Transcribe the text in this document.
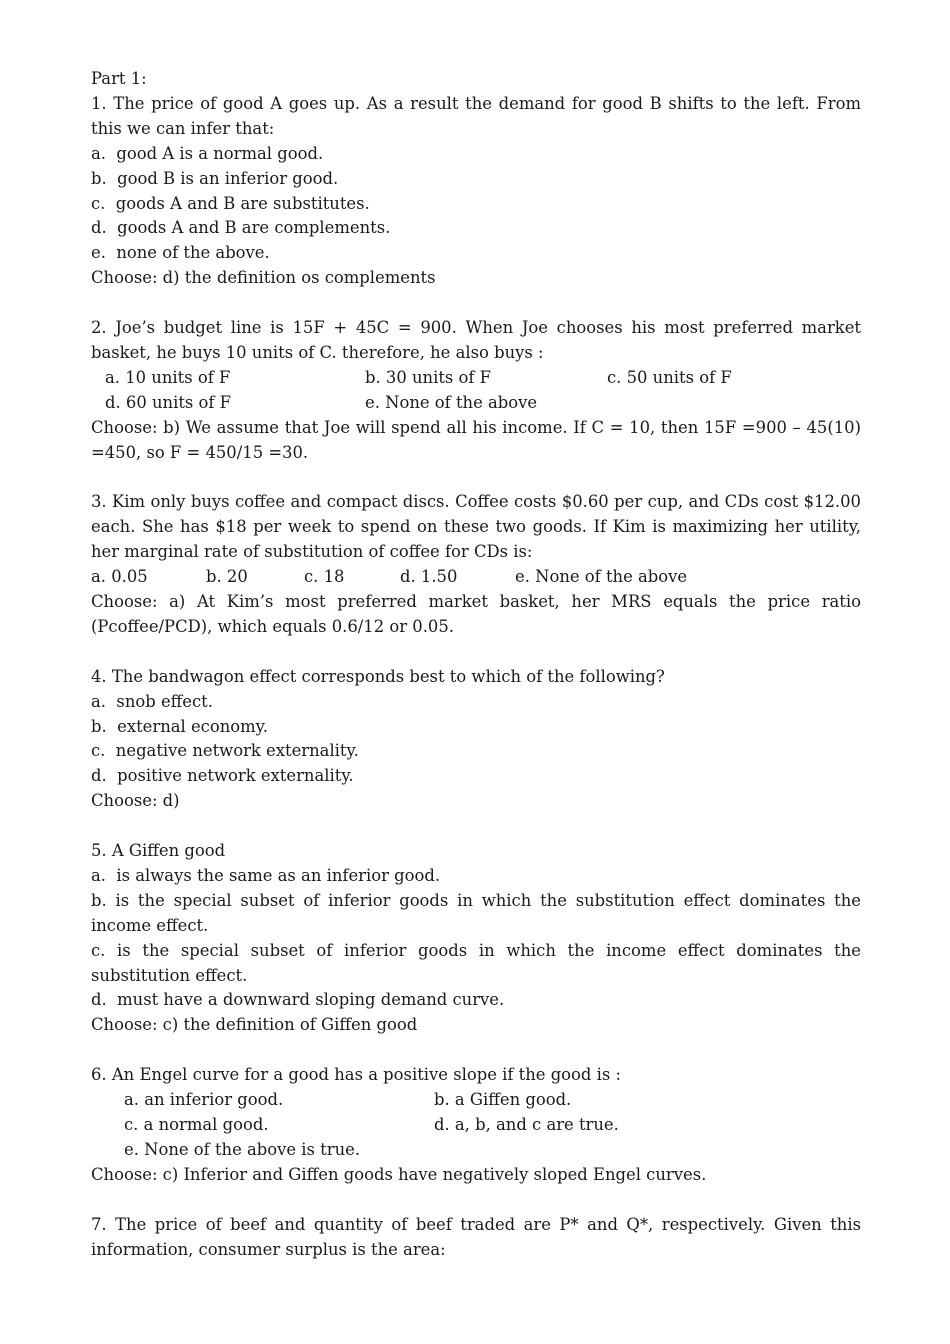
Part 1:
1. The price of good A goes up. As a result the demand for good B shifts to the left. From this we can infer that:
a.  good A is a normal good.
b.  good B is an inferior good.
c.  goods A and B are substitutes.
d.  goods A and B are complements.
e.  none of the above.
Choose: d) the definition os complements
2. Joe’s budget line is 15F + 45C = 900. When Joe chooses his most preferred market basket, he buys 10 units of C. therefore, he also buys :
a. 10 units of F	b. 30 units of F	c. 50 units of F
d. 60 units of F	e. None of the above
Choose: b) We assume that Joe will spend all his income. If C = 10, then 15F =900 – 45(10) =450, so F = 450/15 =30.
3. Kim only buys coffee and compact discs. Coffee costs $0.60 per cup, and CDs cost $12.00 each. She has $18 per week to spend on these two goods. If Kim is maximizing her utility, her marginal rate of substitution of coffee for CDs is:
a. 0.05	b. 20	c. 18	d. 1.50	e. None of the above
Choose: a) At Kim’s most preferred market basket, her MRS equals the price ratio (Pcoffee/PCD), which equals 0.6/12 or 0.05.
4. The bandwagon effect corresponds best to which of the following?
a.  snob effect.
b.  external economy.
c.  negative network externality.
d.  positive network externality.
Choose: d)
5. A Giffen good
a.  is always the same as an inferior good.
b. is the special subset of inferior goods in which the substitution effect dominates the income effect.
c. is the special subset of inferior goods in which the income effect dominates the substitution effect.
d.  must have a downward sloping demand curve.
Choose: c) the definition of Giffen good
6. An Engel curve for a good has a positive slope if the good is :
a. an inferior good.	b. a Giffen good.
c. a normal good.	d. a, b, and c are true.
e. None of the above is true.
Choose: c) Inferior and Giffen goods have negatively sloped Engel curves.
7. The price of beef and quantity of beef traded are P* and Q*, respectively. Given this information, consumer surplus is the area:
